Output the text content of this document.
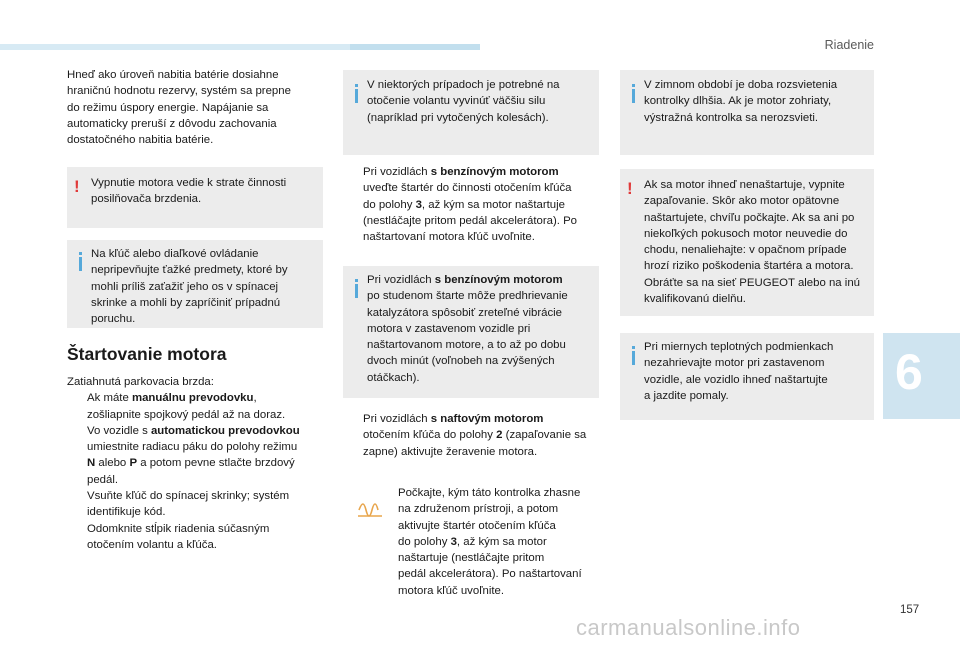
Riadenie
Hneď ako úroveň nabitia batérie dosiahne
hraničnú hodnotu rezervy, systém sa prepne
do režimu úspory energie. Napájanie sa
automaticky preruší z dôvodu zachovania
dostatočného nabitia batérie.
! Vypnutie motora vedie k strate činnosti
posilňovača brzdenia.
Na kľúč alebo diaľkové ovládanie
nepripevňujte ťažké predmety, ktoré by
mohli príliš zaťažiť jeho os v spínacej
skrinke a mohli by zapríčiniť prípadnú
poruchu.
Štartovanie motora
Zatiahnutá parkovacia brzda:
Ak máte manuálnu prevodovku,
zošliapnite spojkový pedál až na doraz.
Vo vozidle s automatickou prevodovkou
umiestnite radiacu páku do polohy režimu
N alebo P a potom pevne stlačte brzdový
pedál.
Vsuňte kľúč do spínacej skrinky; systém
identifikuje kód.
Odomknite stĺpik riadenia súčasným
otočením volantu a kľúča.
V niektorých prípadoch je potrebné na
otočenie volantu vyvinúť väčšiu silu
(napríklad pri vytočených kolesách).
Pri vozidlách s benzínovým motorom
uveďte štartér do činnosti otočením kľúča
do polohy 3, až kým sa motor naštartuje
(nestláčajte pritom pedál akcelerátora). Po
naštartovaní motora kľúč uvoľnite.
Pri vozidlách s benzínovým motorom
po studenom štarte môže predhrievanie
katalyzátora spôsobiť zreteľné vibrácie
motora v zastavenom vozidle pri
naštartovanom motore, a to až po dobu
dvoch minút (voľnobeh na zvýšených
otáčkach).
Pri vozidlách s naftovým motorom
otočením kľúča do polohy 2 (zapaľovanie sa
zapne) aktivujte žeravenie motora.
Počkajte, kým táto kontrolka zhasne
na združenom prístroji, a potom
aktivujte štartér otočením kľúča
do polohy 3, až kým sa motor
naštartuje (nestláčajte pritom
pedál akcelerátora). Po naštartovaní
motora kľúč uvoľnite.
V zimnom období je doba rozsvietenia
kontrolky dlhšia. Ak je motor zohriaty,
výstražná kontrolka sa nerozsvieti.
! Ak sa motor ihneď nenaštartuje, vypnite
zapaľovanie. Skôr ako motor opätovne
naštartujete, chvíľu počkajte. Ak sa ani po
niekoľkých pokusoch motor neuvedie do
chodu, nenaliehajte: v opačnom prípade
hrozí riziko poškodenia štartéra a motora.
Obráťte sa na sieť PEUGEOT alebo na inú
kvalifikovanú dielňu.
Pri miernych teplotných podmienkach
nezahrievajte motor pri zastavenom
vozidle, ale vozidlo ihneď naštartujte
a jazdite pomaly.	6
157
carmanualsonline.info
